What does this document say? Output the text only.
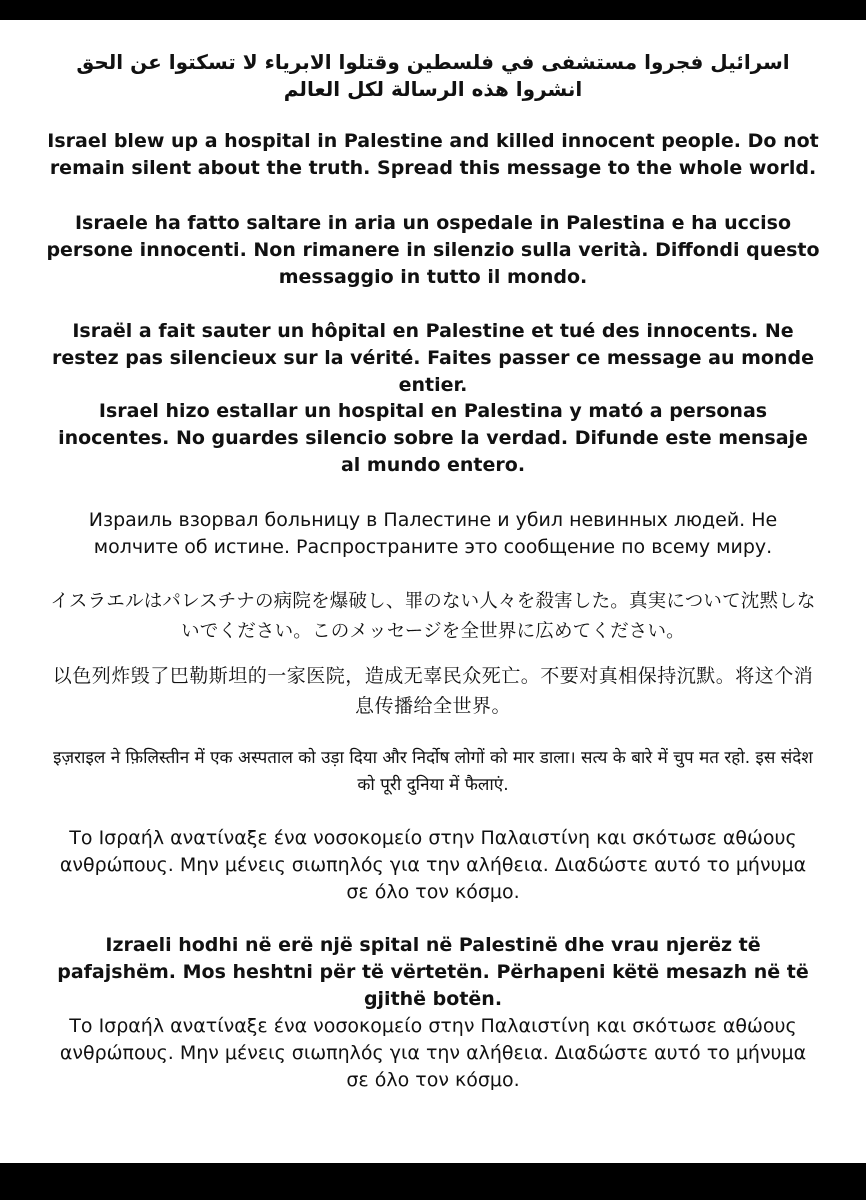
اسرائيل فجروا مستشفى في فلسطين وقتلوا الابرياء لا تسكتوا عن الحق انشروا هذه الرسالة لكل العالم

Israel blew up a hospital in Palestine and killed innocent people. Do not remain silent about the truth. Spread this message to the whole world.

Israele ha fatto saltare in aria un ospedale in Palestina e ha ucciso persone innocenti. Non rimanere in silenzio sulla verità. Diffondi questo messaggio in tutto il mondo.

Israël a fait sauter un hôpital en Palestine et tué des innocents. Ne restez pas silencieux sur la vérité. Faites passer ce message au monde entier.

Israel hizo estallar un hospital en Palestina y mató a personas inocentes. No guardes silencio sobre la verdad. Difunde este mensaje al mundo entero.

Израиль взорвал больницу в Палестине и убил невинных людей. Не молчите об истине. Распространите это сообщение по всему миру.

イスラエルはパレスチナの病院を爆破し、罪のない人々を殺害した。真実について沈黙しないでください。このメッセージを全世界に広めてください。

以色列炸毁了巴勒斯坦的一家医院，造成无辜民众死亡。不要对真相保持沉默。将这个消息传播给全世界。

इज़राइल ने फ़िलिस्तीन में एक अस्पताल को उड़ा दिया और निर्दोष लोगों को मार डाला। सत्य के बारे में चुप मत रहो. इस संदेश को पूरी दुनिया में फैलाएं.

Το Ισραήλ ανατίναξε ένα νοσοκομείο στην Παλαιστίνη και σκότωσε αθώους ανθρώπους. Μην μένεις σιωπηλός για την αλήθεια. Διαδώστε αυτό το μήνυμα σε όλο τον κόσμο.

Izraeli hodhi në erë një spital në Palestinë dhe vrau njerëz të pafajshëm. Mos heshtni për të vërtetën. Përhapeni këtë mesazh në të gjithë botën.

Το Ισραήλ ανατίναξε ένα νοσοκομείο στην Παλαιστίνη και σκότωσε αθώους ανθρώπους. Μην μένεις σιωπηλός για την αλήθεια. Διαδώστε αυτό το μήνυμα σε όλο τον κόσμο.
